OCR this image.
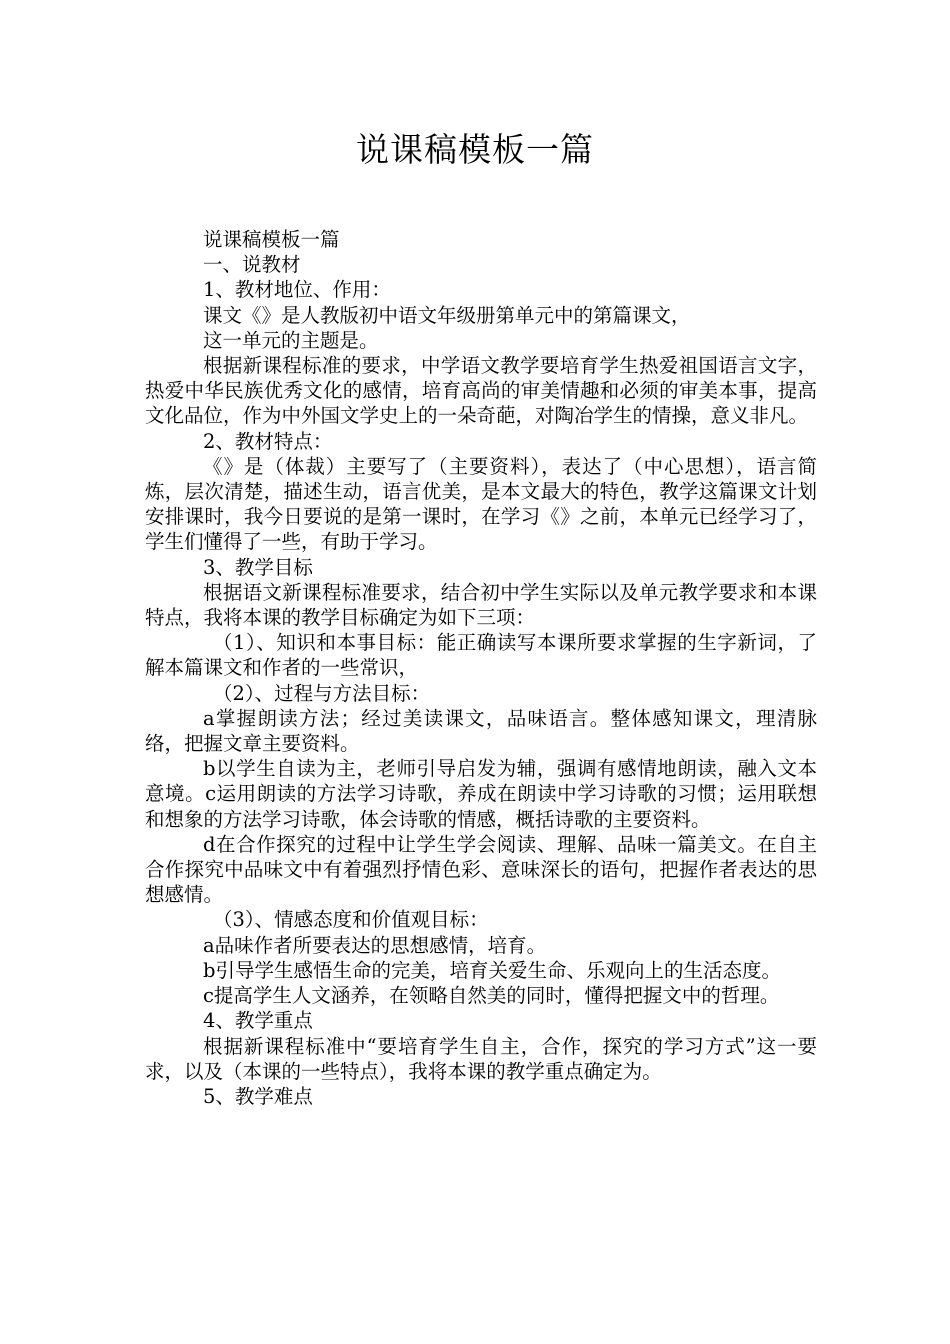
说课稿模板一篇

说课稿模板一篇

一、说教材

1、教材地位、作用：

课文《》是人教版初中语文年级册第单元中的第篇课文，

这一单元的主题是。

根据新课程标准的要求，中学语文教学要培育学生热爱祖国语言文字，热爱中华民族优秀文化的感情，培育高尚的审美情趣和必须的审美本事，提高文化品位，作为中外国文学史上的一朵奇葩，对陶冶学生的情操，意义非凡。

2、教材特点：

《》是（体裁）主要写了（主要资料），表达了（中心思想），语言简炼，层次清楚，描述生动，语言优美，是本文最大的特色，教学这篇课文计划安排课时，我今日要说的是第一课时，在学习《》之前，本单元已经学习了，学生们懂得了一些，有助于学习。

3、教学目标

根据语文新课程标准要求，结合初中学生实际以及单元教学要求和本课特点，我将本课的教学目标确定为如下三项：

（1）、知识和本事目标：能正确读写本课所要求掌握的生字新词，了解本篇课文和作者的一些常识，

（2）、过程与方法目标：

a掌握朗读方法；经过美读课文，品味语言。整体感知课文，理清脉络，把握文章主要资料。

b以学生自读为主，老师引导启发为辅，强调有感情地朗读，融入文本意境。c运用朗读的方法学习诗歌，养成在朗读中学习诗歌的习惯；运用联想和想象的方法学习诗歌，体会诗歌的情感，概括诗歌的主要资料。

d在合作探究的过程中让学生学会阅读、理解、品味一篇美文。在自主合作探究中品味文中有着强烈抒情色彩、意味深长的语句，把握作者表达的思想感情。

（3）、情感态度和价值观目标：

a品味作者所要表达的思想感情，培育。

b引导学生感悟生命的完美，培育关爱生命、乐观向上的生活态度。

c提高学生人文涵养，在领略自然美的同时，懂得把握文中的哲理。

4、教学重点

根据新课程标准中“要培育学生自主，合作，探究的学习方式”这一要求，以及（本课的一些特点），我将本课的教学重点确定为。

5、教学难点
